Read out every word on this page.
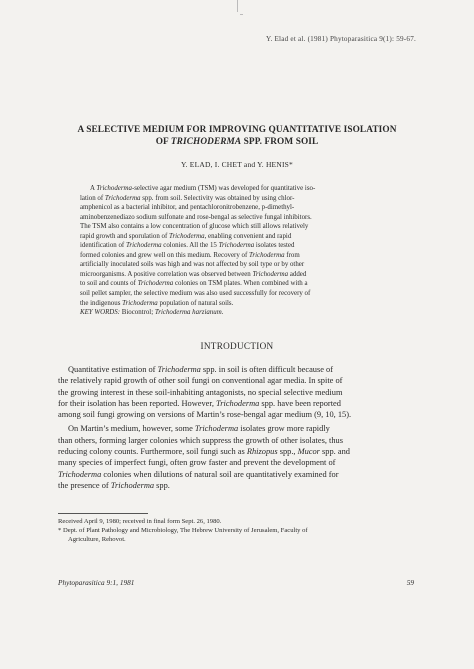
Y. Elad et al. (1981) Phytoparasitica 9(1): 59-67.
A SELECTIVE MEDIUM FOR IMPROVING QUANTITATIVE ISOLATION
OF TRICHODERMA SPP. FROM SOIL
Y. ELAD, I. CHET and Y. HENIS*
A Trichoderma-selective agar medium (TSM) was developed for quantitative iso-
lation of Trichoderma spp. from soil. Selectivity was obtained by using chlor-
amphenicol as a bacterial inhibitor, and pentachloronitrobenzene, p-dimethyl-
aminobenzenediazo sodium sulfonate and rose-bengal as selective fungal inhibitors.
The TSM also contains a low concentration of glucose which still allows relatively
rapid growth and sporulation of Trichoderma, enabling convenient and rapid
identification of Trichoderma colonies. All the 15 Trichoderma isolates tested
formed colonies and grew well on this medium. Recovery of Trichoderma from
artificially inoculated soils was high and was not affected by soil type or by other
microorganisms. A positive correlation was observed between Trichoderma added
to soil and counts of Trichoderma colonies on TSM plates. When combined with a
soil pellet sampler, the selective medium was also used successfully for recovery of
the indigenous Trichoderma population of natural soils.
KEY WORDS: Biocontrol; Trichoderma harzianum.
INTRODUCTION
Quantitative estimation of Trichoderma spp. in soil is often difficult because of
the relatively rapid growth of other soil fungi on conventional agar media. In spite of
the growing interest in these soil-inhabiting antagonists, no special selective medium
for their isolation has been reported. However, Trichoderma spp. have been reported
among soil fungi growing on versions of Martin’s rose-bengal agar medium (9, 10, 15).
On Martin’s medium, however, some Trichoderma isolates grow more rapidly
than others, forming larger colonies which suppress the growth of other isolates, thus
reducing colony counts. Furthermore, soil fungi such as Rhizopus spp., Mucor spp. and
many species of imperfect fungi, often grow faster and prevent the development of
Trichoderma colonies when dilutions of natural soil are quantitatively examined for
the presence of Trichoderma spp.
Received April 9, 1980; received in final form Sept. 26, 1980.
* Dept. of Plant Pathology and Microbiology, The Hebrew University of Jerusalem, Faculty of
Agriculture, Rehovot.
Phytoparasitica 9:1, 1981	59
